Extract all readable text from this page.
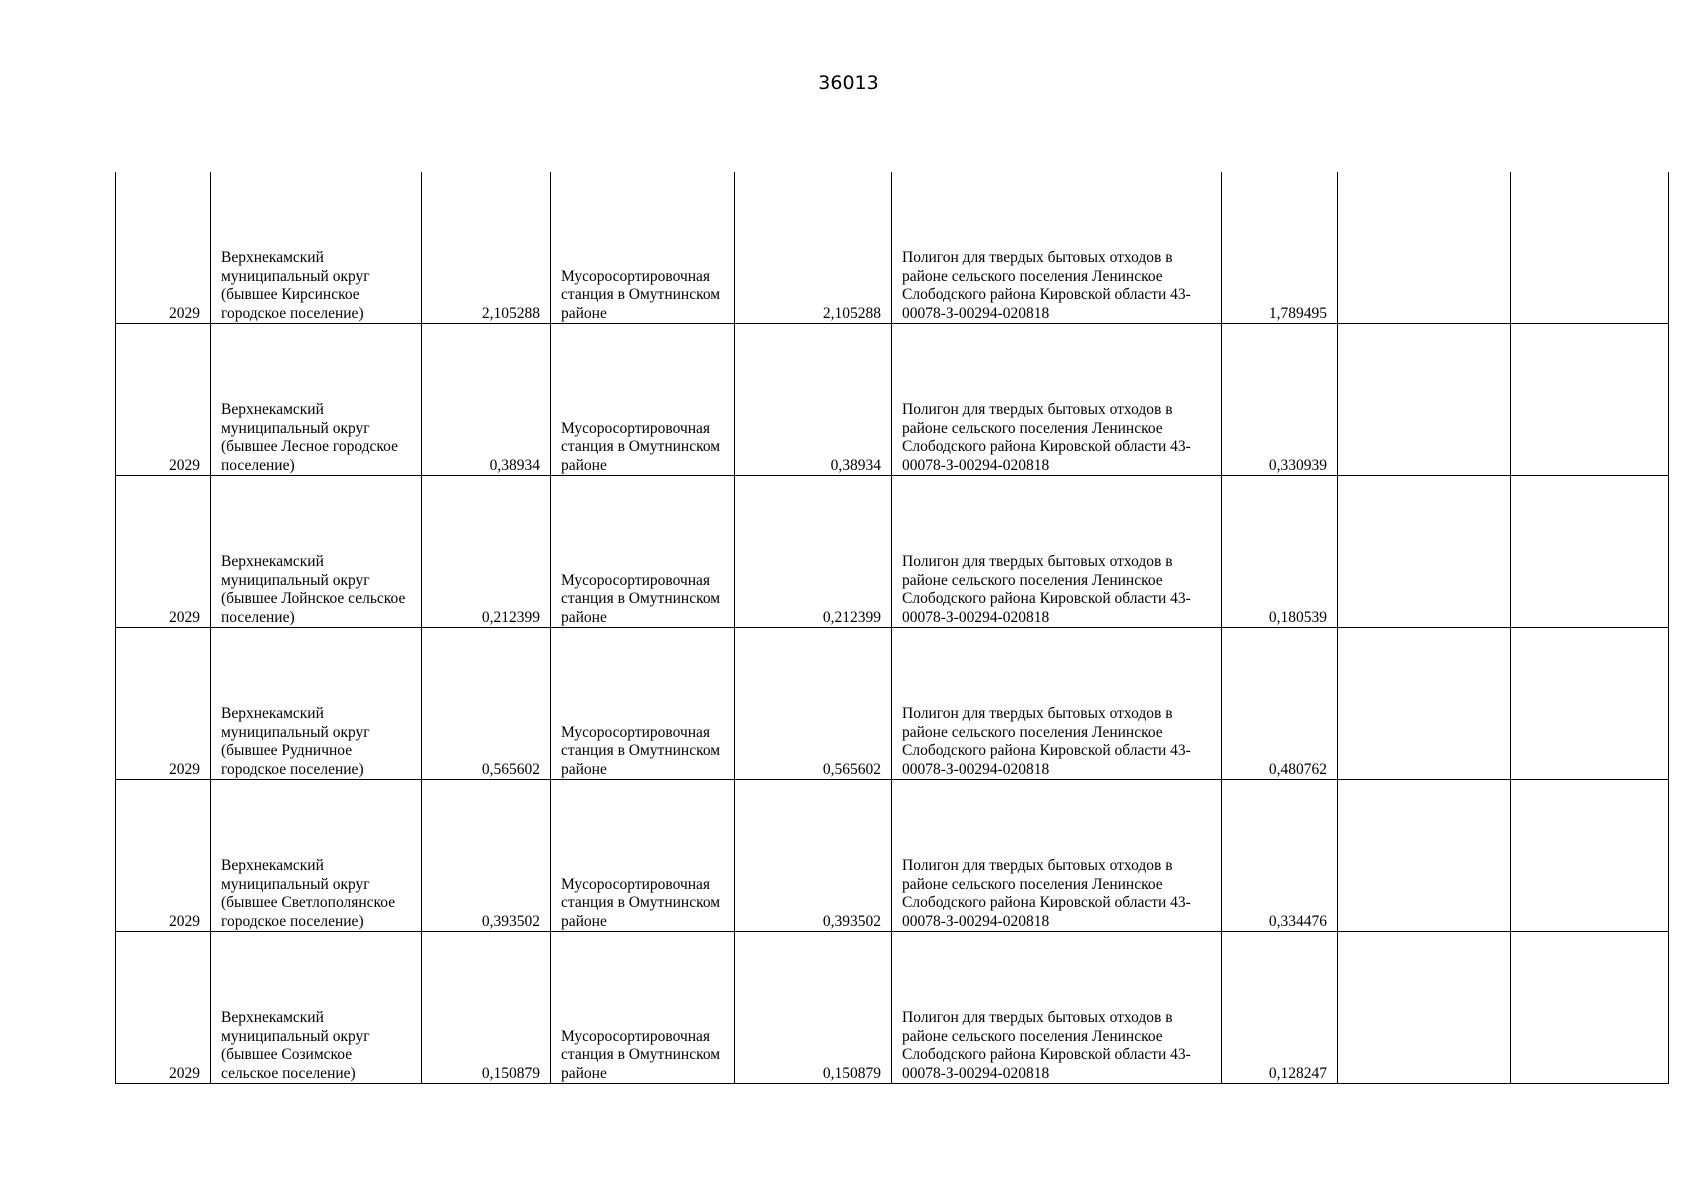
36013
2029	Верхнекамский муниципальный округ (бывшее Кирсинское городское поселение)	2,105288	Мусоросортировочная станция в Омутнинском районе	2,105288	Полигон для твердых бытовых отходов в районе сельского поселения Ленинское Слободского района Кировской области 43-00078-З-00294-020818	1,789495		
2029	Верхнекамский муниципальный округ (бывшее Лесное городское поселение)	0,38934	Мусоросортировочная станция в Омутнинском районе	0,38934	Полигон для твердых бытовых отходов в районе сельского поселения Ленинское Слободского района Кировской области 43-00078-З-00294-020818	0,330939		
2029	Верхнекамский муниципальный округ (бывшее Лойнское сельское поселение)	0,212399	Мусоросортировочная станция в Омутнинском районе	0,212399	Полигон для твердых бытовых отходов в районе сельского поселения Ленинское Слободского района Кировской области 43-00078-З-00294-020818	0,180539		
2029	Верхнекамский муниципальный округ (бывшее Рудничное городское поселение)	0,565602	Мусоросортировочная станция в Омутнинском районе	0,565602	Полигон для твердых бытовых отходов в районе сельского поселения Ленинское Слободского района Кировской области 43-00078-З-00294-020818	0,480762		
2029	Верхнекамский муниципальный округ (бывшее Светлополянское городское поселение)	0,393502	Мусоросортировочная станция в Омутнинском районе	0,393502	Полигон для твердых бытовых отходов в районе сельского поселения Ленинское Слободского района Кировской области 43-00078-З-00294-020818	0,334476		
2029	Верхнекамский муниципальный округ (бывшее Созимское сельское поселение)	0,150879	Мусоросортировочная станция в Омутнинском районе	0,150879	Полигон для твердых бытовых отходов в районе сельского поселения Ленинское Слободского района Кировской области 43-00078-З-00294-020818	0,128247		
